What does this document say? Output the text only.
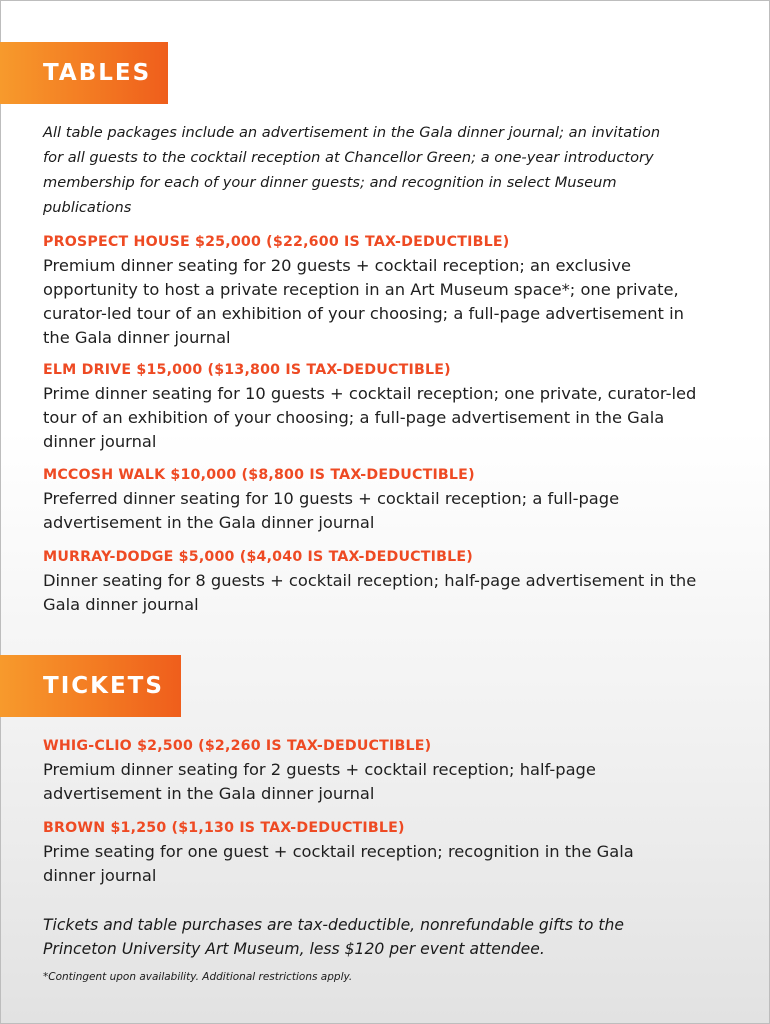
TABLES
All table packages include an advertisement in the Gala dinner journal; an invitation for all guests to the cocktail reception at Chancellor Green; a one-year introductory membership for each of your dinner guests; and recognition in select Museum publications
PROSPECT HOUSE $25,000 ($22,600 IS TAX-DEDUCTIBLE)
Premium dinner seating for 20 guests + cocktail reception; an exclusive opportunity to host a private reception in an Art Museum space*; one private, curator-led tour of an exhibition of your choosing; a full-page advertisement in the Gala dinner journal
ELM DRIVE $15,000 ($13,800 IS TAX-DEDUCTIBLE)
Prime dinner seating for 10 guests + cocktail reception; one private, curator-led tour of an exhibition of your choosing; a full-page advertisement in the Gala dinner journal
MCCOSH WALK $10,000 ($8,800 IS TAX-DEDUCTIBLE)
Preferred dinner seating for 10 guests + cocktail reception; a full-page advertisement in the Gala dinner journal
MURRAY-DODGE $5,000 ($4,040 IS TAX-DEDUCTIBLE)
Dinner seating for 8 guests + cocktail reception; half-page advertisement in the Gala dinner journal
TICKETS
WHIG-CLIO $2,500 ($2,260 IS TAX-DEDUCTIBLE)
Premium dinner seating for 2 guests + cocktail reception; half-page advertisement in the Gala dinner journal
BROWN $1,250 ($1,130 IS TAX-DEDUCTIBLE)
Prime seating for one guest + cocktail reception; recognition in the Gala dinner journal
Tickets and table purchases are tax-deductible, nonrefundable gifts to the Princeton University Art Museum, less $120 per event attendee.
*Contingent upon availability. Additional restrictions apply.
